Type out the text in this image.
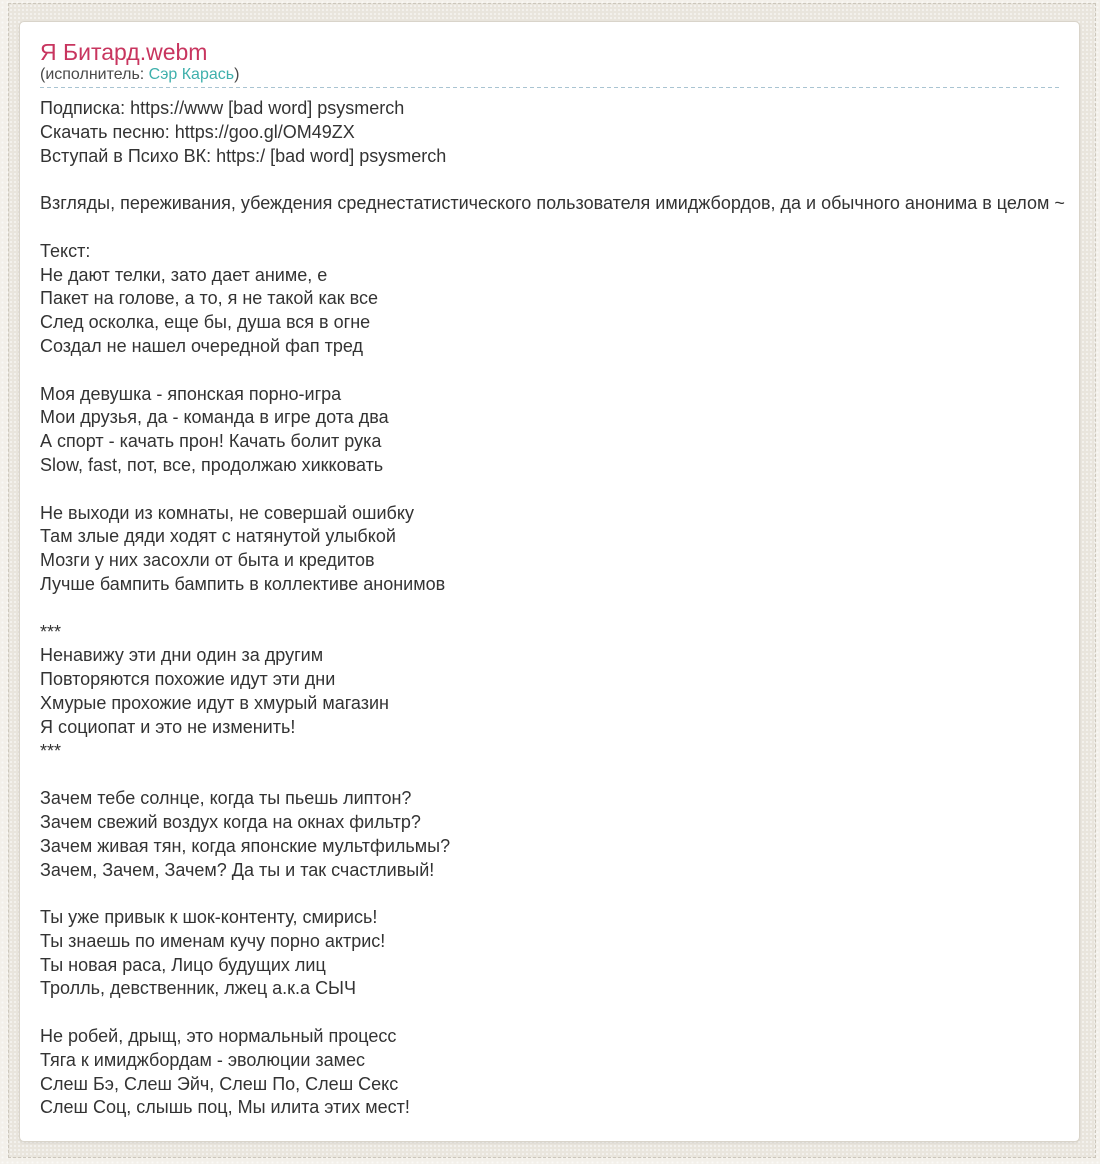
Я Битард.webm
(исполнитель: Сэр Карась)
Подписка: https://www [bad word] psysmerch
Скачать песню: https://goo.gl/OM49ZX
Вступай в Психо ВК: https:/ [bad word] psysmerch
Взгляды, переживания, убеждения среднестатистического пользователя имиджбордов, да и обычного анонима в целом ~
Текст:
Не дают телки, зато дает аниме, е
Пакет на голове, а то, я не такой как все
След осколка, еще бы, душа вся в огне
Создал не нашел очередной фап тред
Моя девушка - японская порно-игра
Мои друзья, да - команда в игре дота два
А спорт - качать прон! Качать болит рука
Slow, fast, пот, все, продолжаю хикковать
Не выходи из комнаты, не совершай ошибку
Там злые дяди ходят с натянутой улыбкой
Мозги у них засохли от быта и кредитов
Лучше бампить бампить в коллективе анонимов
***
Ненавижу эти дни один за другим
Повторяются похожие идут эти дни
Хмурые прохожие идут в хмурый магазин
Я социопат и это не изменить!
***
Зачем тебе солнце, когда ты пьешь липтон?
Зачем свежий воздух когда на окнах фильтр?
Зачем живая тян, когда японские мультфильмы?
Зачем, Зачем, Зачем? Да ты и так счастливый!
Ты уже привык к шок-контенту, смирись!
Ты знаешь по именам кучу порно актрис!
Ты новая раса, Лицо будущих лиц
Тролль, девственник, лжец а.к.а СЫЧ
Не робей, дрыщ, это нормальный процесс
Тяга к имиджбордам - эволюции замес
Слеш Бэ, Слеш Эйч, Слеш По, Слеш Секс
Слеш Соц, слышь поц, Мы илита этих мест!
